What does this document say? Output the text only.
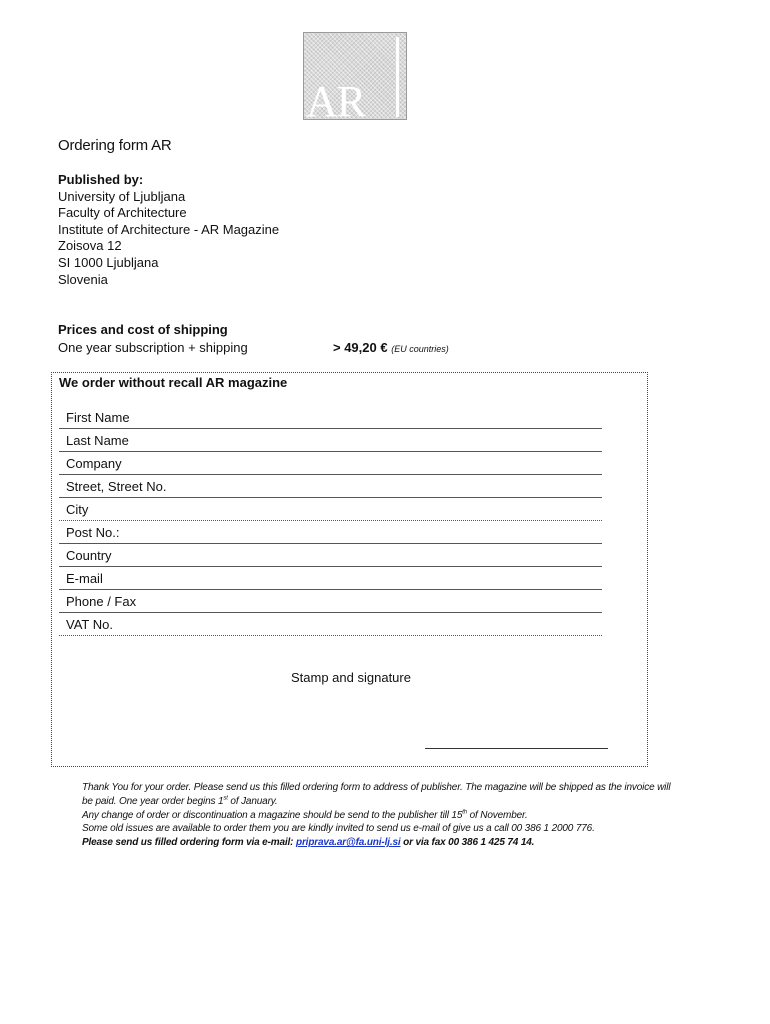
AR
Ordering form AR
Published by:
University of Ljubljana
Faculty of Architecture
Institute of Architecture - AR Magazine
Zoisova 12
SI 1000 Ljubljana
Slovenia
Prices and cost of shipping
One year subscription + shipping	> 49,20 € (EU countries)
We order without recall AR magazine
First Name
Last Name
Company
Street, Street No.
City
Post No.:
Country
E-mail
Phone / Fax
VAT No.
Stamp and signature
Thank You for your order. Please send us this filled ordering form to address of publisher. The magazine will be shipped as the invoice will be paid. One year order begins 1st of January.
Any change of order or discontinuation a magazine should be send to the publisher till 15th of November.
Some old issues are available to order them you are kindly invited to send us e-mail of give us a call 00 386 1 2000 776.
Please send us filled ordering form via e-mail: priprava.ar@fa.uni-lj.si or via fax 00 386 1 425 74 14.
